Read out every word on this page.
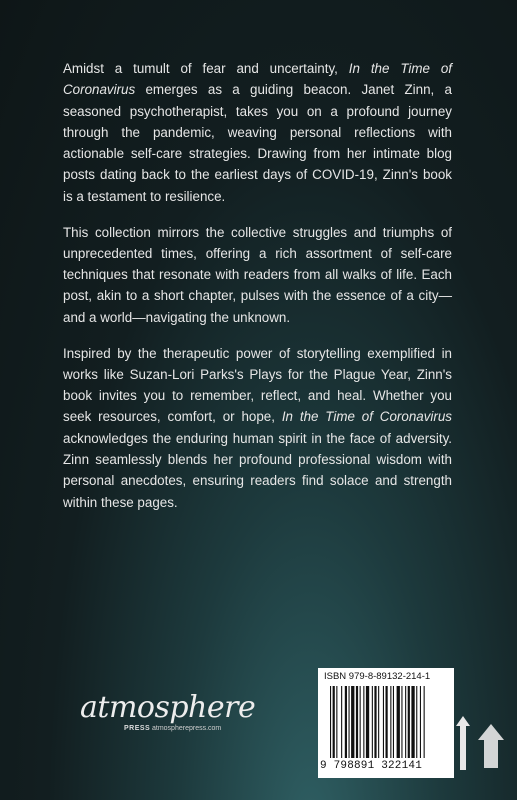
Amidst a tumult of fear and uncertainty, In the Time of Coronavirus emerges as a guiding beacon. Janet Zinn, a seasoned psychotherapist, takes you on a profound journey through the pandemic, weaving personal reflections with actionable self-care strategies. Drawing from her intimate blog posts dating back to the earliest days of COVID-19, Zinn's book is a testament to resilience.

This collection mirrors the collective struggles and triumphs of unprecedented times, offering a rich assortment of self-care techniques that resonate with readers from all walks of life. Each post, akin to a short chapter, pulses with the essence of a city—and a world—navigating the unknown.

Inspired by the therapeutic power of storytelling exemplified in works like Suzan-Lori Parks's Plays for the Plague Year, Zinn's book invites you to remember, reflect, and heal. Whether you seek resources, comfort, or hope, In the Time of Coronavirus acknowledges the enduring human spirit in the face of adversity. Zinn seamlessly blends her profound professional wisdom with personal anecdotes, ensuring readers find solace and strength within these pages.

atmosphere
PRESS atmospherepress.com
ISBN 979-8-89132-214-1
9 798891 322141
